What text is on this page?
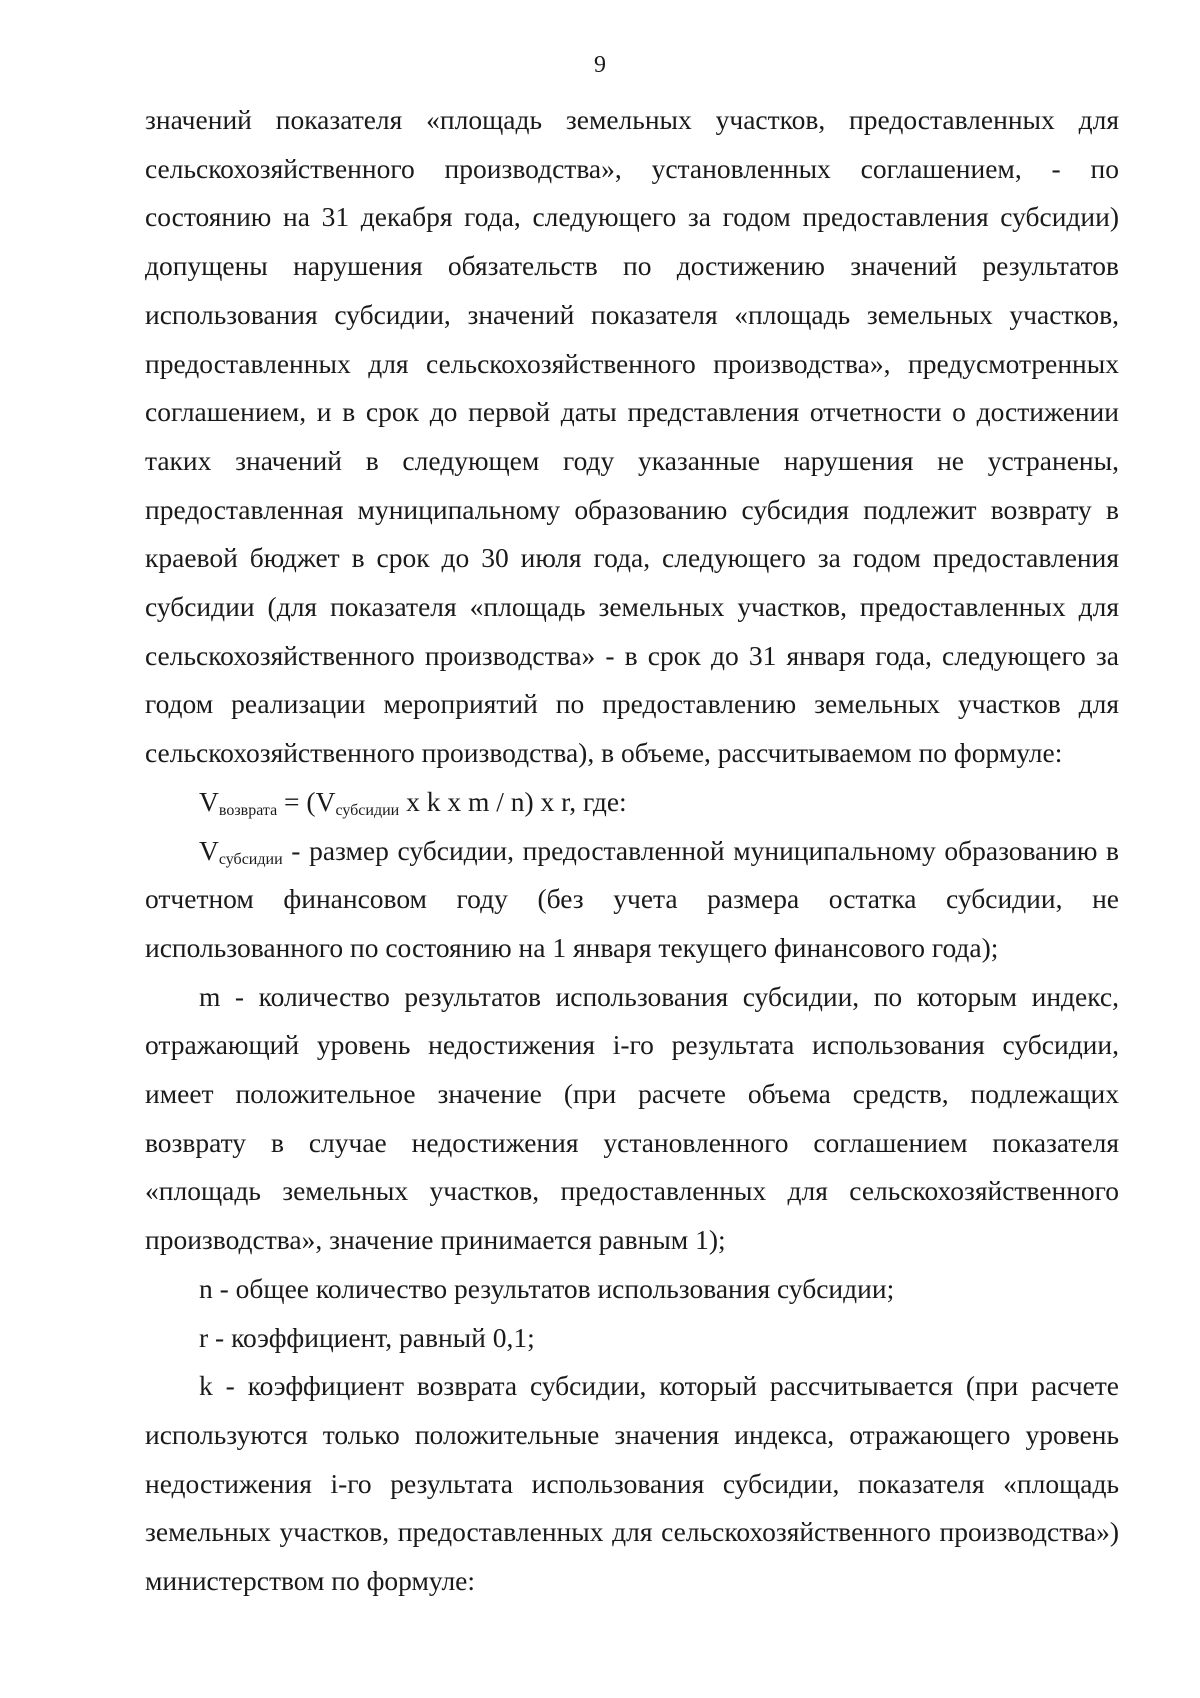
9

значений показателя «площадь земельных участков, предоставленных для сельскохозяйственного производства», установленных соглашением, - по состоянию на 31 декабря года, следующего за годом предоставления субсидии) допущены нарушения обязательств по достижению значений результатов использования субсидии, значений показателя «площадь земельных участков, предоставленных для сельскохозяйственного производства», предусмотренных соглашением, и в срок до первой даты представления отчетности о достижении таких значений в следующем году указанные нарушения не устранены, предоставленная муниципальному образованию субсидия подлежит возврату в краевой бюджет в срок до 30 июля года, следующего за годом предоставления субсидии (для показателя «площадь земельных участков, предоставленных для сельскохозяйственного производства» - в срок до 31 января года, следующего за годом реализации мероприятий по предоставлению земельных участков для сельскохозяйственного производства), в объеме, рассчитываемом по формуле:

$V_{возврата} = (V_{субсидии}$ x k x m / n) x r, где:

$V_{субсидии}$ - размер субсидии, предоставленной муниципальному образованию в отчетном финансовом году (без учета размера остатка субсидии, не использованного по состоянию на 1 января текущего финансового года);

m - количество результатов использования субсидии, по которым индекс, отражающий уровень недостижения i-го результата использования субсидии, имеет положительное значение (при расчете объема средств, подлежащих возврату в случае недостижения установленного соглашением показателя «площадь земельных участков, предоставленных для сельскохозяйственного производства», значение принимается равным 1);

n - общее количество результатов использования субсидии;

r - коэффициент, равный 0,1;

k - коэффициент возврата субсидии, который рассчитывается (при расчете используются только положительные значения индекса, отражающего уровень недостижения i-го результата использования субсидии, показателя «площадь земельных участков, предоставленных для сельскохозяйственного производства») министерством по формуле:
